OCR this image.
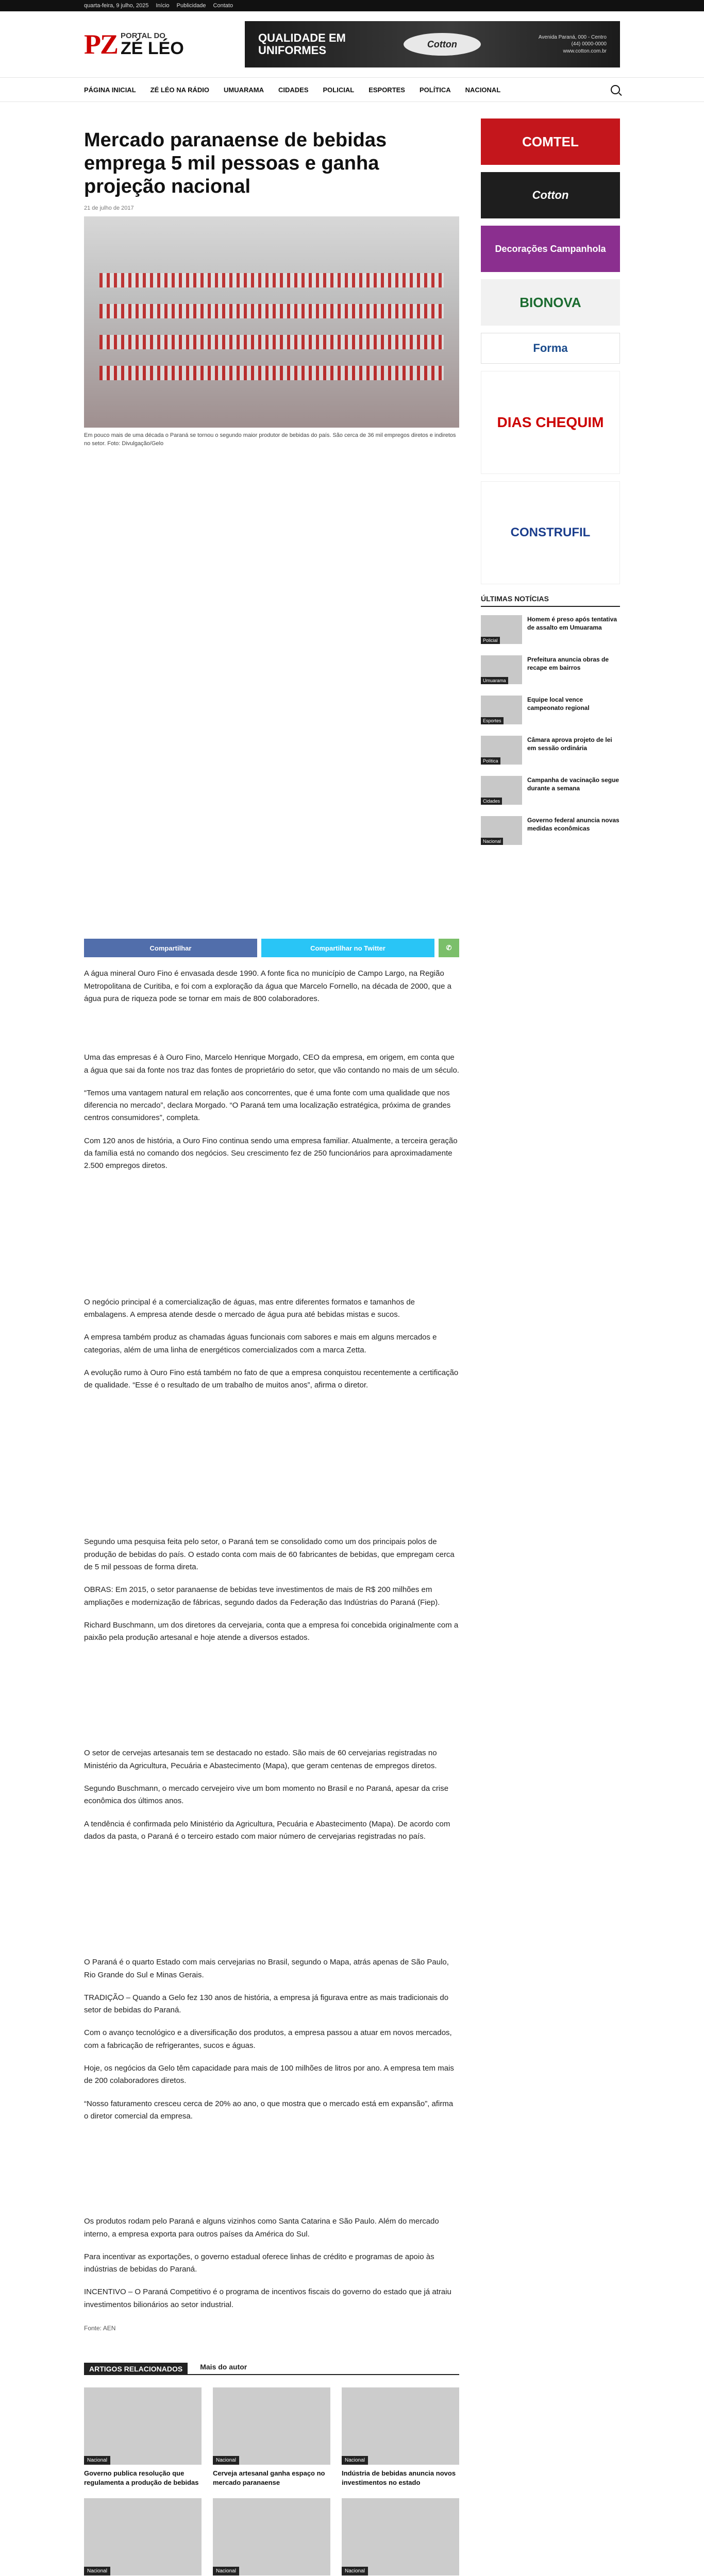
quarta-feira, 9 julho, 2025 Início Publicidade Contato
PZ PORTAL DO
ZÉ LÉO
QUALIDADE EM
UNIFORMES	Cotton
Avenida Paraná, 000 - Centro
(44) 0000-0000
www.cotton.com.br
PÁGINA INICIAL ZÉ LÉO NA RÁDIO UMUARAMA CIDADES POLICIAL ESPORTES POLÍTICA NACIONAL
Mercado paranaense de bebidas emprega 5 mil pessoas e ganha projeção nacional
21 de julho de 2017
Em pouco mais de uma década o Paraná se tornou o segundo maior produtor de bebidas do país. São cerca de 36 mil empregos diretos e indiretos no setor. Foto: Divulgação/Gelo
Compartilhar	Compartilhar no Twitter	✆

A água mineral Ouro Fino é envasada desde 1990. A fonte fica no município de Campo Largo, na Região Metropolitana de Curitiba, e foi com a exploração da água que Marcelo Fornello, na década de 2000, que a água pura de riqueza pode se tornar em mais de 800 colaboradores.

Uma das empresas é à Ouro Fino, Marcelo Henrique Morgado, CEO da empresa, em origem, em conta que a água que sai da fonte nos traz das fontes de proprietário do setor, que vão contando no mais de um século.

“Temos uma vantagem natural em relação aos concorrentes, que é uma fonte com uma qualidade que nos diferencia no mercado”, declara Morgado. “O Paraná tem uma localização estratégica, próxima de grandes centros consumidores”, completa.

Com 120 anos de história, a Ouro Fino continua sendo uma empresa familiar. Atualmente, a terceira geração da família está no comando dos negócios. Seu crescimento fez de 250 funcionários para aproximadamente 2.500 empregos diretos.

O negócio principal é a comercialização de águas, mas entre diferentes formatos e tamanhos de embalagens. A empresa atende desde o mercado de água pura até bebidas mistas e sucos.

A empresa também produz as chamadas águas funcionais com sabores e mais em alguns mercados e categorias, além de uma linha de energéticos comercializados com a marca Zetta.

A evolução rumo à Ouro Fino está também no fato de que a empresa conquistou recentemente a certificação de qualidade. “Esse é o resultado de um trabalho de muitos anos”, afirma o diretor.

Segundo uma pesquisa feita pelo setor, o Paraná tem se consolidado como um dos principais polos de produção de bebidas do país. O estado conta com mais de 60 fabricantes de bebidas, que empregam cerca de 5 mil pessoas de forma direta.

OBRAS: Em 2015, o setor paranaense de bebidas teve investimentos de mais de R$ 200 milhões em ampliações e modernização de fábricas, segundo dados da Federação das Indústrias do Paraná (Fiep).

Richard Buschmann, um dos diretores da cervejaria, conta que a empresa foi concebida originalmente com a paixão pela produção artesanal e hoje atende a diversos estados.

O setor de cervejas artesanais tem se destacado no estado. São mais de 60 cervejarias registradas no Ministério da Agricultura, Pecuária e Abastecimento (Mapa), que geram centenas de empregos diretos.

Segundo Buschmann, o mercado cervejeiro vive um bom momento no Brasil e no Paraná, apesar da crise econômica dos últimos anos.

A tendência é confirmada pelo Ministério da Agricultura, Pecuária e Abastecimento (Mapa). De acordo com dados da pasta, o Paraná é o terceiro estado com maior número de cervejarias registradas no país.

O Paraná é o quarto Estado com mais cervejarias no Brasil, segundo o Mapa, atrás apenas de São Paulo, Rio Grande do Sul e Minas Gerais.

TRADIÇÃO – Quando a Gelo fez 130 anos de história, a empresa já figurava entre as mais tradicionais do setor de bebidas do Paraná.

Com o avanço tecnológico e a diversificação dos produtos, a empresa passou a atuar em novos mercados, com a fabricação de refrigerantes, sucos e águas.

Hoje, os negócios da Gelo têm capacidade para mais de 100 milhões de litros por ano. A empresa tem mais de 200 colaboradores diretos.

“Nosso faturamento cresceu cerca de 20% ao ano, o que mostra que o mercado está em expansão”, afirma o diretor comercial da empresa.

Os produtos rodam pelo Paraná e alguns vizinhos como Santa Catarina e São Paulo. Além do mercado interno, a empresa exporta para outros países da América do Sul.

Para incentivar as exportações, o governo estadual oferece linhas de crédito e programas de apoio às indústrias de bebidas do Paraná.

INCENTIVO – O Paraná Competitivo é o programa de incentivos fiscais do governo do estado que já atraiu investimentos bilionários ao setor industrial.

Fonte: AEN
ARTIGOS RELACIONADOS	Mais do autor
Nacional
Governo publica resolução que regulamenta a produção de bebidas
Nacional
Cerveja artesanal ganha espaço no mercado paranaense
Nacional
Indústria de bebidas anuncia novos investimentos no estado
Nacional	Nacional	Nacional
COMTEL
Cotton
Decorações Campanhola
BIONOVA
Forma
DIAS CHEQUIM
CONSTRUFIL
ÚLTIMAS NOTÍCIAS
Policial
Homem é preso após tentativa de assalto em Umuarama
Umuarama
Prefeitura anuncia obras de recape em bairros
Esportes
Equipe local vence campeonato regional
Política
Câmara aprova projeto de lei em sessão ordinária
Cidades
Campanha de vacinação segue durante a semana
Nacional
Governo federal anuncia novas medidas econômicas
